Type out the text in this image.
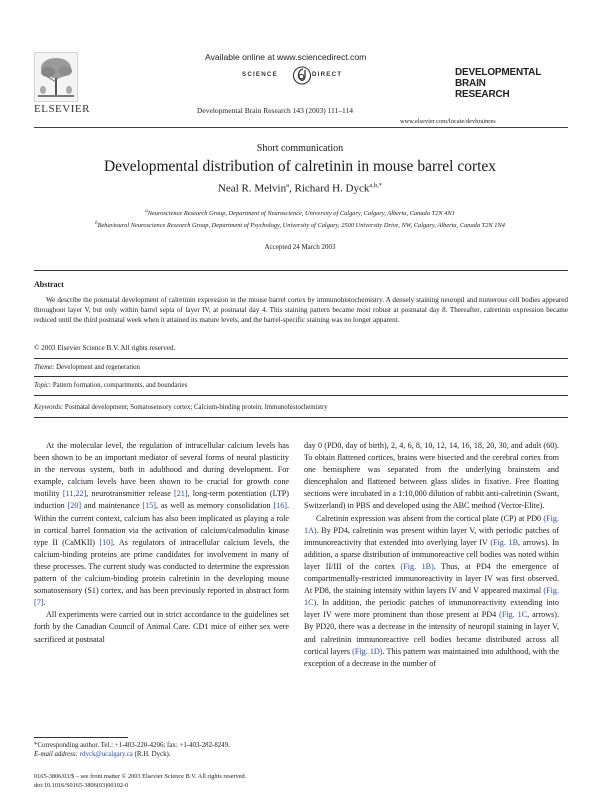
Available online at www.sciencedirect.com
SCIENCE	DIRECT
ELSEVIER	Developmental Brain Research 143 (2003) 111–114
DEVELOPMENTAL
BRAIN
RESEARCH
www.elsevier.com/locate/devbrainres
Short communication
Developmental distribution of calretinin in mouse barrel cortex
Neal R. Melvin$^a$, Richard H. Dyck$^{a,b,*}$
$^a$Neuroscience Research Group, Department of Neuroscience, University of Calgary, Calgary, Alberta, Canada T2N 4N1
$^b$Behavioural Neuroscience Research Group, Department of Psychology, University of Calgary, 2500 University Drive, NW, Calgary, Alberta, Canada T2N 1N4
Accepted 24 March 2003
Abstract
We describe the postnatal development of calretinin expression in the mouse barrel cortex by immunohistochemistry. A densely staining neuropil and numerous cell bodies appeared throughout layer V, but only within barrel septa of layer IV, at postnatal day 4. This staining pattern became most robust at postnatal day 8. Thereafter, calretinin expression became reduced until the third postnatal week when it attained its mature levels, and the barrel-specific staining was no longer apparent.
© 2003 Elsevier Science B.V. All rights reserved.
Theme: Development and regeneration
Topic: Pattern formation, compartments, and boundaries
Keywords: Postnatal development; Somatosensory cortex; Calcium-binding protein; Immunohistochemistry

At the molecular level, the regulation of intracellular calcium levels has been shown to be an important mediator of several forms of neural plasticity in the nervous system, both in adulthood and during development. For example, calcium levels have been shown to be crucial for growth cone motility [11,22], neurotransmitter release [21], long-term potentiation (LTP) induction [20] and maintenance [15], as well as memory consolidation [16]. Within the current context, calcium has also been implicated as playing a role in cortical barrel formation via the activation of calcium/calmodulin kinase type II (CaMKII) [10]. As regulators of intracellular calcium levels, the calcium-binding proteins are prime candidates for involvement in many of these processes. The current study was conducted to determine the expression pattern of the calcium-binding protein calretinin in the developing mouse somatosensory (S1) cortex, and has been previously reported in abstract form [7].

All experiments were carried out in strict accordance to the guidelines set forth by the Canadian Council of Animal Care. CD1 mice of either sex were sacrificed at postnatal

day 0 (PD0, day of birth), 2, 4, 6, 8, 10, 12, 14, 16, 18, 20, 30, and adult (60). To obtain flattened cortices, brains were bisected and the cerebral cortex from one hemisphere was separated from the underlying brainstem and diencephalon and flattened between glass slides in fixative. Free floating sections were incubated in a 1:10,000 dilution of rabbit anti-calretinin (Swant, Switzerland) in PBS and developed using the ABC method (Vector-Elite).

Calretinin expression was absent from the cortical plate (CP) at PD0 (Fig. 1A). By PD4, calretinin was present within layer V, with periodic patches of immunoreactivity that extended into overlying layer IV (Fig. 1B, arrows). In addition, a sparse distribution of immunoreactive cell bodies was noted within layer II/III of the cortex (Fig. 1B). Thus, at PD4 the emergence of compartmentally-restricted immunoreactivity in layer IV was first observed. At PD8, the staining intensity within layers IV and V appeared maximal (Fig. 1C). In addition, the periodic patches of immunoreactivity extending into layer IV were more prominent than those present at PD4 (Fig. 1C, arrows). By PD20, there was a decrease in the intensity of neuropil staining in layer V, and calretinin immunoreactive cell bodies became distributed across all cortical layers (Fig. 1D). This pattern was maintained into adulthood, with the exception of a decrease in the number of

*Corresponding author. Tel.: +1-403-220-4206; fax: +1-403-282-8249.
E-mail address: rdyck@ucalgary.ca (R.H. Dyck).
0165-3806/03/$ – see front matter © 2003 Elsevier Science B.V. All rights reserved.
doi:10.1016/S0165-3806(03)00102-0
